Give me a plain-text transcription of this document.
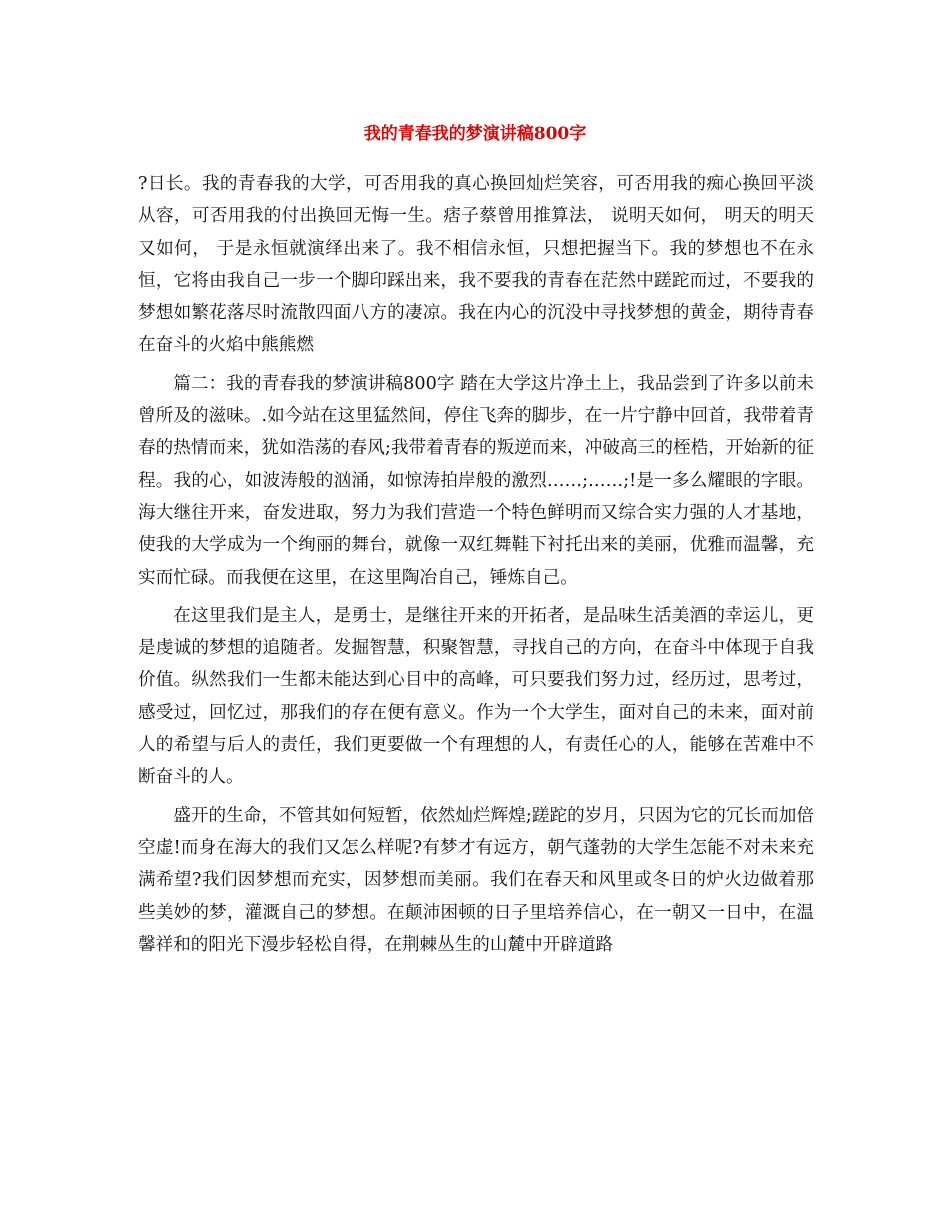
我的青春我的梦演讲稿800字

?日长。我的青春我的大学，可否用我的真心换回灿烂笑容，可否用我的痴心换回平淡从容，可否用我的付出换回无悔一生。痞子蔡曾用推算法， 说明天如何， 明天的明天又如何， 于是永恒就演绎出来了。我不相信永恒，只想把握当下。我的梦想也不在永恒，它将由我自己一步一个脚印踩出来，我不要我的青春在茫然中蹉跎而过，不要我的梦想如繁花落尽时流散四面八方的凄凉。我在内心的沉没中寻找梦想的黄金，期待青春在奋斗的火焰中熊熊燃

篇二：我的青春我的梦演讲稿800字 踏在大学这片净土上，我品尝到了许多以前未曾所及的滋味。.如今站在这里猛然间，停住飞奔的脚步，在一片宁静中回首，我带着青春的热情而来，犹如浩荡的春风;我带着青春的叛逆而来，冲破高三的桎梏，开始新的征程。我的心，如波涛般的汹涌，如惊涛拍岸般的激烈……;……;!是一多么耀眼的字眼。海大继往开来，奋发进取，努力为我们营造一个特色鲜明而又综合实力强的人才基地，使我的大学成为一个绚丽的舞台，就像一双红舞鞋下衬托出来的美丽，优雅而温馨，充实而忙碌。而我便在这里，在这里陶冶自己，锤炼自己。

在这里我们是主人，是勇士，是继往开来的开拓者，是品味生活美酒的幸运儿，更是虔诚的梦想的追随者。发掘智慧，积聚智慧，寻找自己的方向，在奋斗中体现于自我价值。纵然我们一生都未能达到心目中的高峰，可只要我们努力过，经历过，思考过，感受过，回忆过，那我们的存在便有意义。作为一个大学生，面对自己的未来，面对前人的希望与后人的责任，我们更要做一个有理想的人，有责任心的人，能够在苦难中不断奋斗的人。

盛开的生命，不管其如何短暂，依然灿烂辉煌;蹉跎的岁月，只因为它的冗长而加倍空虚!而身在海大的我们又怎么样呢?有梦才有远方，朝气蓬勃的大学生怎能不对未来充满希望?我们因梦想而充实，因梦想而美丽。我们在春天和风里或冬日的炉火边做着那些美妙的梦，灌溉自己的梦想。在颠沛困顿的日子里培养信心，在一朝又一日中，在温馨祥和的阳光下漫步轻松自得，在荆棘丛生的山麓中开辟道路
